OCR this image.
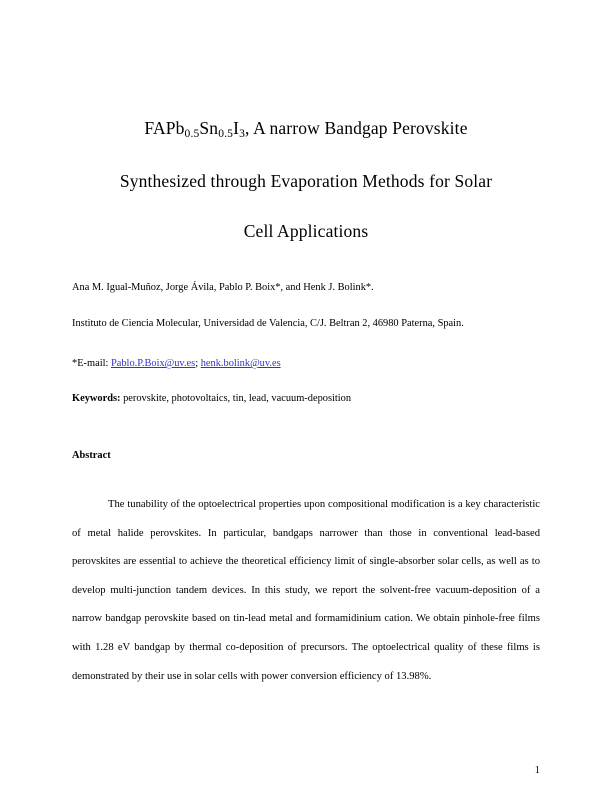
$FAPb_{0.5}Sn_{0.5}I_3$, A narrow Bandgap Perovskite
Synthesized through Evaporation Methods for Solar
Cell Applications
Ana M. Igual-Muñoz, Jorge Ávila, Pablo P. Boix*, and Henk J. Bolink*.
Instituto de Ciencia Molecular, Universidad de Valencia, C/J. Beltran 2, 46980 Paterna, Spain.
*E-mail: Pablo.P.Boix@uv.es; henk.bolink@uv.es
Keywords: perovskite, photovoltaics, tin, lead, vacuum-deposition
Abstract
The tunability of the optoelectrical properties upon compositional modification is a key characteristic of metal halide perovskites. In particular, bandgaps narrower than those in conventional lead-based perovskites are essential to achieve the theoretical efficiency limit of single-absorber solar cells, as well as to develop multi-junction tandem devices. In this study, we report the solvent-free vacuum-deposition of a narrow bandgap perovskite based on tin-lead metal and formamidinium cation. We obtain pinhole-free films with 1.28 eV bandgap by thermal co-deposition of precursors. The optoelectrical quality of these films is demonstrated by their use in solar cells with power conversion efficiency of 13.98%.
1
